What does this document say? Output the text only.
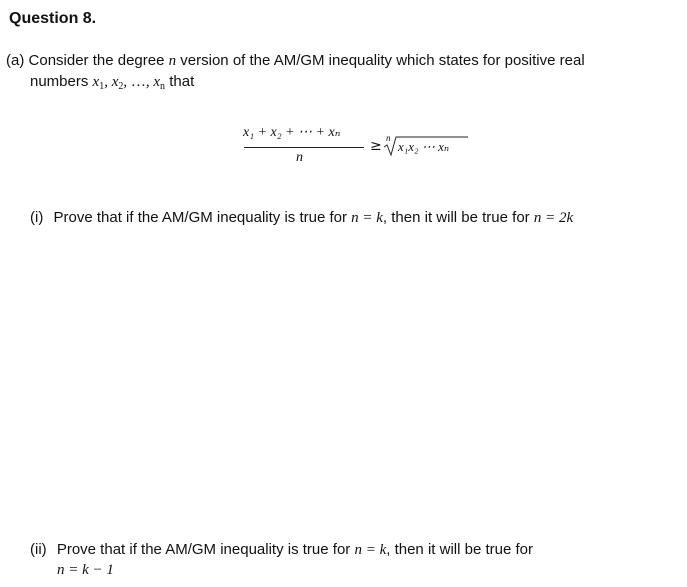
Question 8.
(a) Consider the degree n version of the AM/GM inequality which states for positive real
numbers $x_1$, $x_2$, …, $x_n$ that
x₁ + x₂ + ⋯ + xₙ
n
≥ n
x₁x₂ ⋯ xₙ
(i) Prove that if the AM/GM inequality is true for n = k, then it will be true for n = 2k
(ii) Prove that if the AM/GM inequality is true for n = k, then it will be true for
n = k − 1
